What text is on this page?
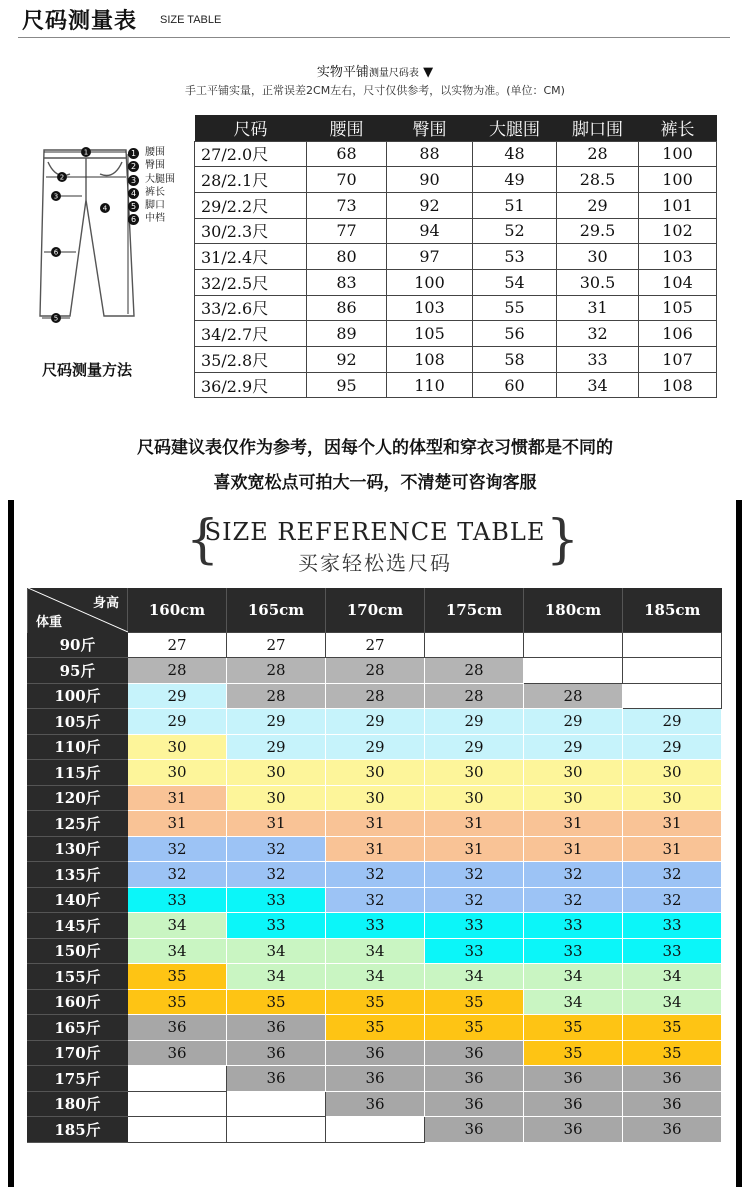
尺码测量表 SIZE TABLE
实物平铺测量尺码表 ▼
手工平铺实量，正常误差2CM左右，尺寸仅供参考，以实物为准。(单位：CM)
1
2
3
4
5
6
1 腰围
2 臀围
3 大腿围
4 裤长
5 脚口
6 中档
尺码测量方法
尺码	腰围	臀围	大腿围	脚口围	裤长
27/2.0尺	68	88	48	28	100
28/2.1尺	70	90	49	28.5	100
29/2.2尺	73	92	51	29	101
30/2.3尺	77	94	52	29.5	102
31/2.4尺	80	97	53	30	103
32/2.5尺	83	100	54	30.5	104
33/2.6尺	86	103	55	31	105
34/2.7尺	89	105	56	32	106
35/2.8尺	92	108	58	33	107
36/2.9尺	95	110	60	34	108
尺码建议表仅作为参考，因每个人的体型和穿衣习惯都是不同的
喜欢宽松点可拍大一码，不清楚可咨询客服
{	}
SIZE REFERENCE TABLE
买家轻松选尺码
身高
体重	160cm	165cm	170cm	175cm	180cm	185cm
90斤	27	27	27			
95斤	28	28	28	28		
100斤	29	28	28	28	28	
105斤	29	29	29	29	29	29
110斤	30	29	29	29	29	29
115斤	30	30	30	30	30	30
120斤	31	30	30	30	30	30
125斤	31	31	31	31	31	31
130斤	32	32	31	31	31	31
135斤	32	32	32	32	32	32
140斤	33	33	32	32	32	32
145斤	34	33	33	33	33	33
150斤	34	34	34	33	33	33
155斤	35	34	34	34	34	34
160斤	35	35	35	35	34	34
165斤	36	36	35	35	35	35
170斤	36	36	36	36	35	35
175斤		36	36	36	36	36
180斤			36	36	36	36
185斤				36	36	36
